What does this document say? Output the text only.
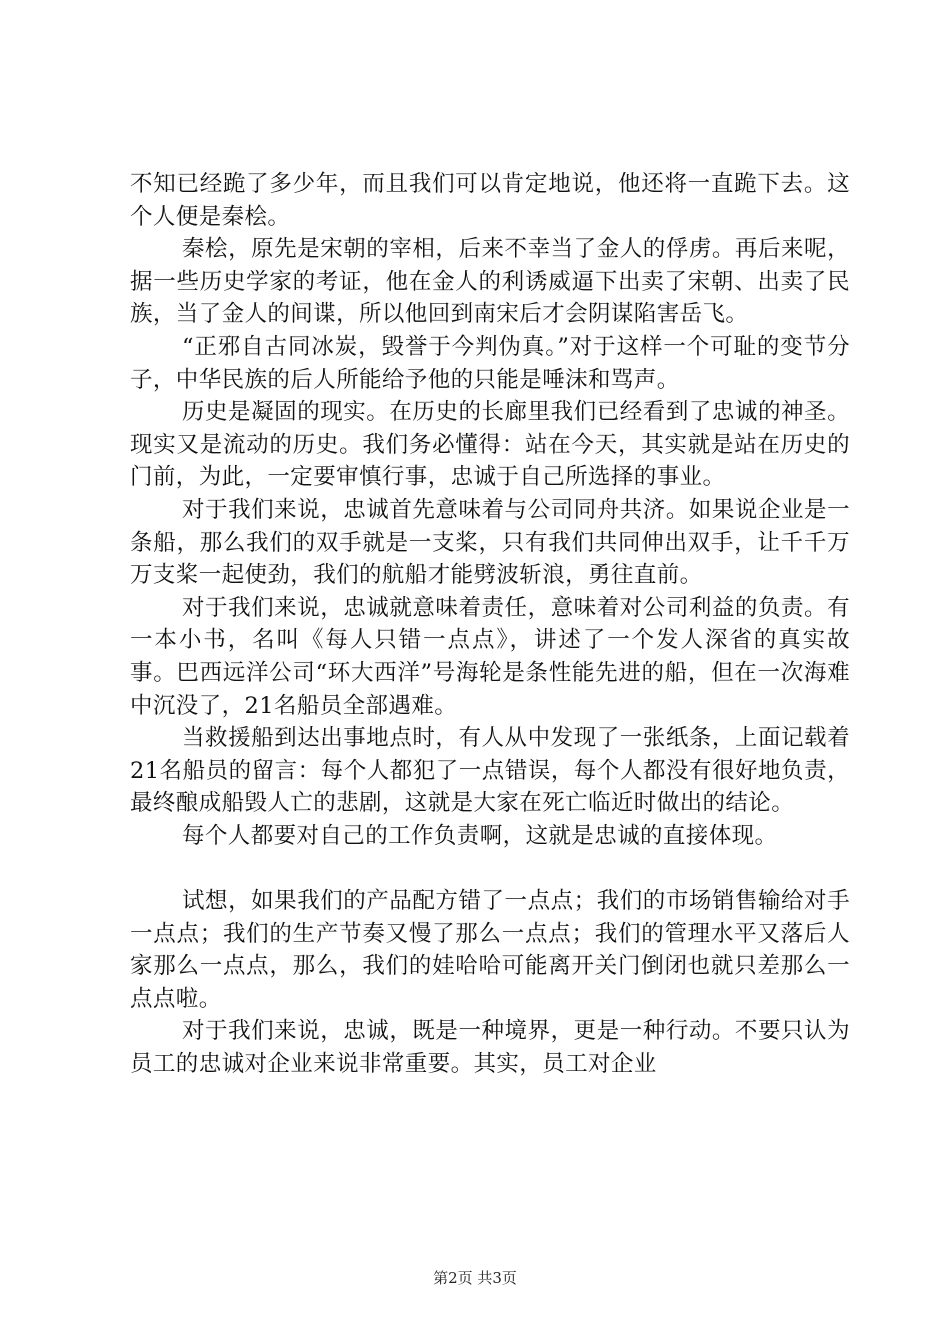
不知已经跪了多少年，而且我们可以肯定地说，他还将一直跪下去。这个人便是秦桧。

秦桧，原先是宋朝的宰相，后来不幸当了金人的俘虏。再后来呢，据一些历史学家的考证，他在金人的利诱威逼下出卖了宋朝、出卖了民族，当了金人的间谍，所以他回到南宋后才会阴谋陷害岳飞。

“正邪自古同冰炭，毁誉于今判伪真。”对于这样一个可耻的变节分子，中华民族的后人所能给予他的只能是唾沫和骂声。

历史是凝固的现实。在历史的长廊里我们已经看到了忠诚的神圣。现实又是流动的历史。我们务必懂得：站在今天，其实就是站在历史的门前，为此，一定要审慎行事，忠诚于自己所选择的事业。

对于我们来说，忠诚首先意味着与公司同舟共济。如果说企业是一条船，那么我们的双手就是一支桨，只有我们共同伸出双手，让千千万万支桨一起使劲，我们的航船才能劈波斩浪，勇往直前。

对于我们来说，忠诚就意味着责任，意味着对公司利益的负责。有一本小书，名叫《每人只错一点点》，讲述了一个发人深省的真实故事。巴西远洋公司“环大西洋”号海轮是条性能先进的船，但在一次海难中沉没了，21名船员全部遇难。

当救援船到达出事地点时，有人从中发现了一张纸条，上面记载着21名船员的留言：每个人都犯了一点错误，每个人都没有很好地负责，最终酿成船毁人亡的悲剧，这就是大家在死亡临近时做出的结论。

每个人都要对自己的工作负责啊，这就是忠诚的直接体现。

试想，如果我们的产品配方错了一点点；我们的市场销售输给对手一点点；我们的生产节奏又慢了那么一点点；我们的管理水平又落后人家那么一点点，那么，我们的娃哈哈可能离开关门倒闭也就只差那么一点点啦。

对于我们来说，忠诚，既是一种境界，更是一种行动。不要只认为员工的忠诚对企业来说非常重要。其实，员工对企业

第2页 共3页
